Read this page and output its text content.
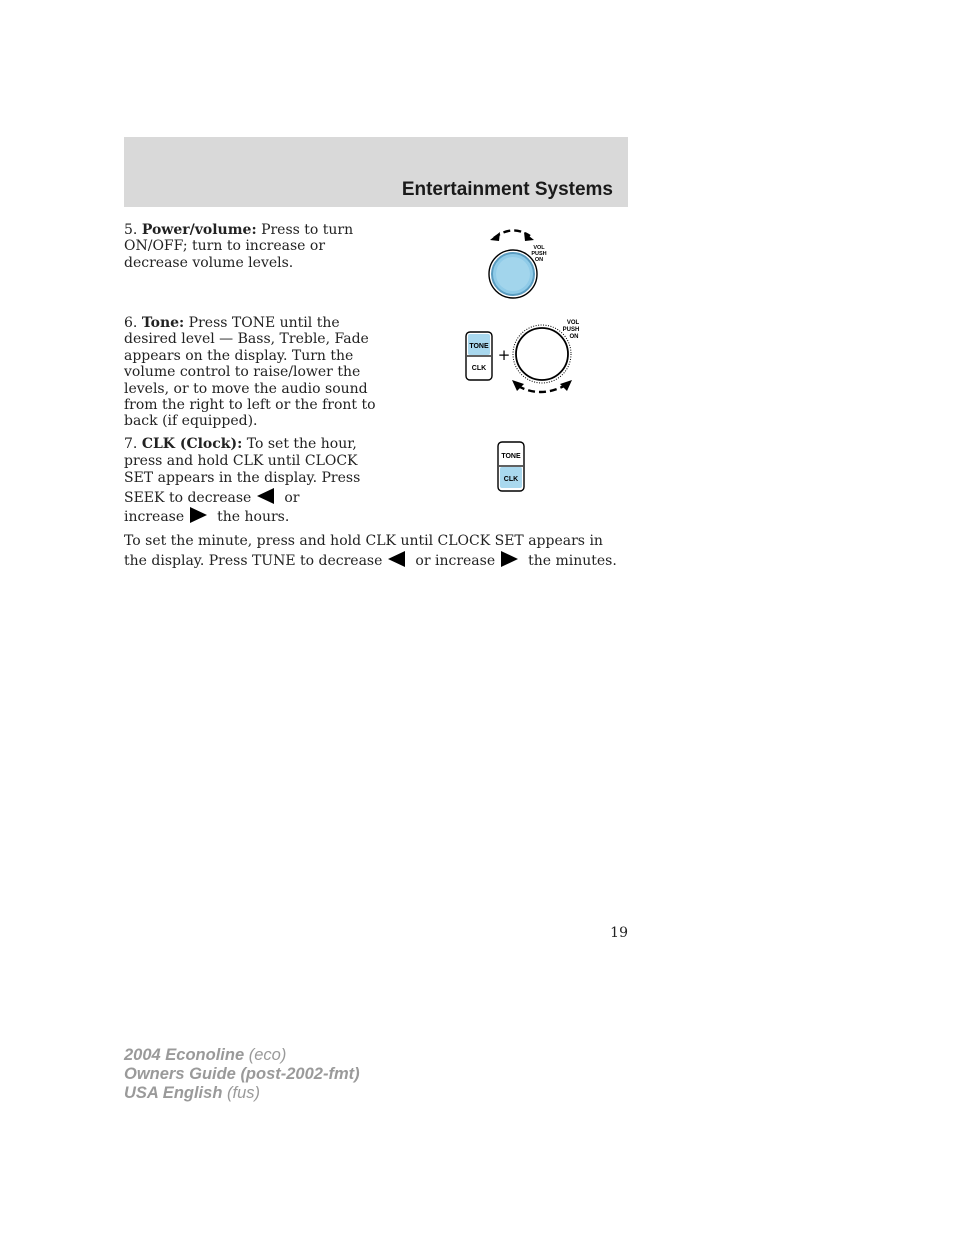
Entertainment Systems

5. Power/volume: Press to turn ON/OFF; turn to increase or decrease volume levels.

VOL
PUSH
ON

6. Tone: Press TONE until the desired level — Bass, Treble, Fade appears on the display. Turn the volume control to raise/lower the levels, or to move the audio sound from the right to left or the front to back (if equipped).

TONE
CLK
+
VOL
PUSH
ON

7. CLK (Clock): To set the hour, press and hold CLK until CLOCK SET appears in the display. Press SEEK to decrease or
increase the hours.

TONE
CLK

To set the minute, press and hold CLK until CLOCK SET appears in the display. Press TUNE to decrease or increase the minutes.

19
2004 Econoline (eco)
Owners Guide (post-2002-fmt)
USA English (fus)
